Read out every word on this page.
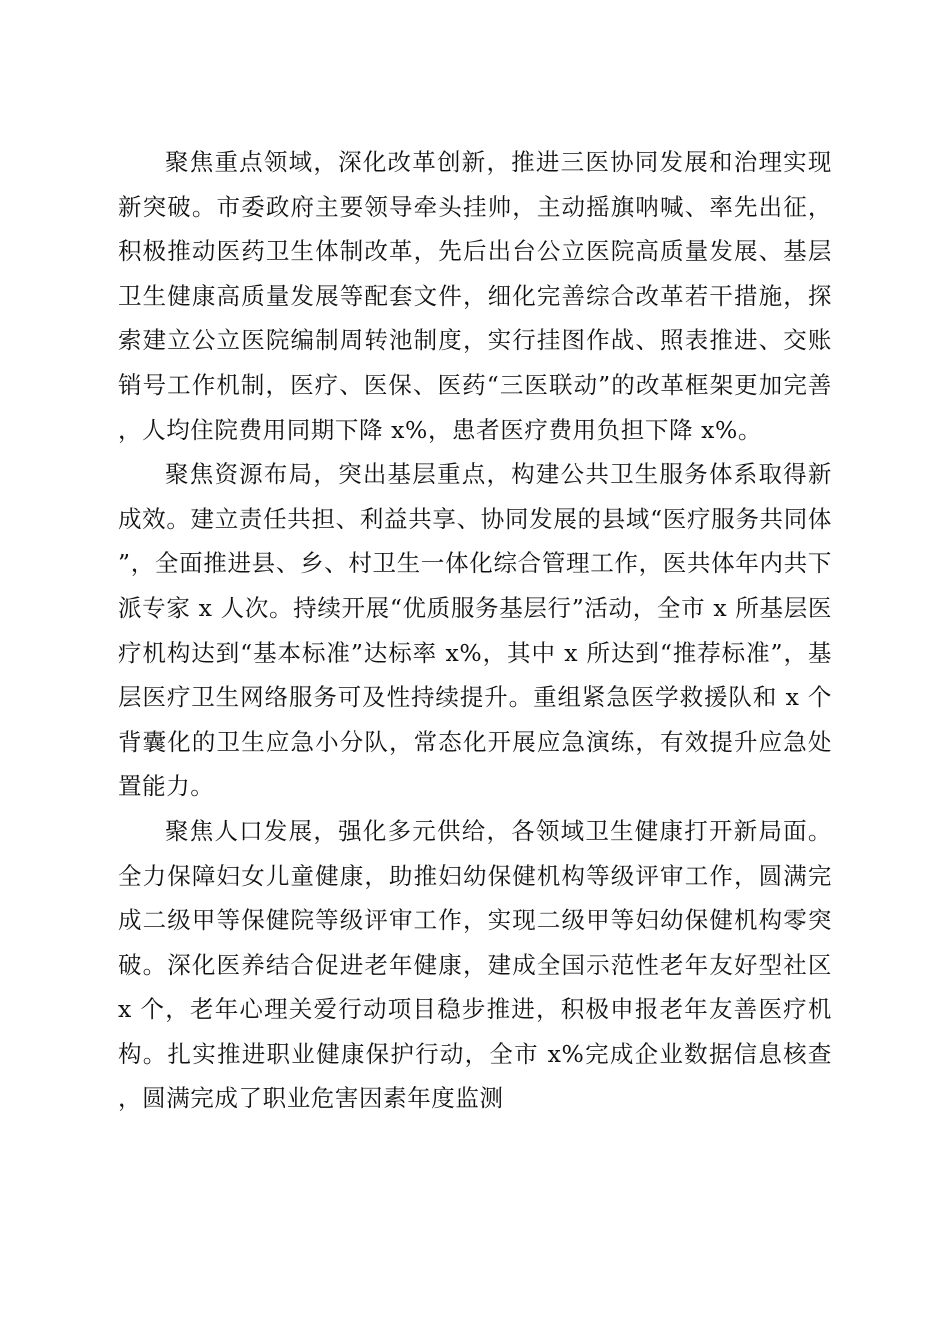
聚焦重点领域，深化改革创新，推进三医协同发展和治理实现新突破。市委政府主要领导牵头挂帅，主动摇旗呐喊、率先出征，积极推动医药卫生体制改革，先后出台公立医院高质量发展、基层卫生健康高质量发展等配套文件，细化完善综合改革若干措施，探索建立公立医院编制周转池制度，实行挂图作战、照表推进、交账销号工作机制，医疗、医保、医药“三医联动”的改革框架更加完善，人均住院费用同期下降 x%，患者医疗费用负担下降 x%。

聚焦资源布局，突出基层重点，构建公共卫生服务体系取得新成效。建立责任共担、利益共享、协同发展的县域“医疗服务共同体”，全面推进县、乡、村卫生一体化综合管理工作，医共体年内共下派专家 x 人次。持续开展“优质服务基层行”活动，全市 x 所基层医疗机构达到“基本标准”达标率 x%，其中 x 所达到“推荐标准”，基层医疗卫生网络服务可及性持续提升。重组紧急医学救援队和 x 个背囊化的卫生应急小分队，常态化开展应急演练，有效提升应急处置能力。

聚焦人口发展，强化多元供给，各领域卫生健康打开新局面。全力保障妇女儿童健康，助推妇幼保健机构等级评审工作，圆满完成二级甲等保健院等级评审工作，实现二级甲等妇幼保健机构零突破。深化医养结合促进老年健康，建成全国示范性老年友好型社区 x 个，老年心理关爱行动项目稳步推进，积极申报老年友善医疗机构。扎实推进职业健康保护行动，全市 x%完成企业数据信息核查，圆满完成了职业危害因素年度监测
